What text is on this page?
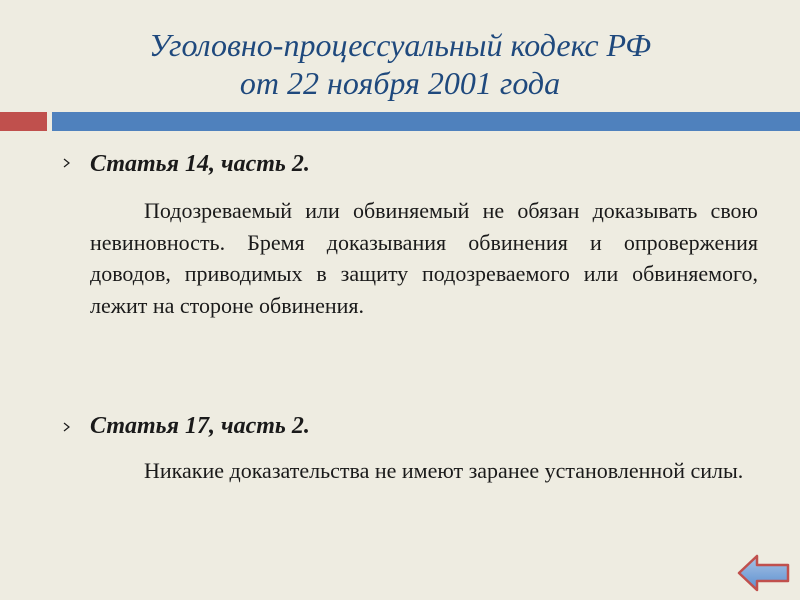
Уголовно-процессуальный кодекс РФ
от 22 ноября 2001 года
Статья 14, часть 2.
Подозреваемый или обвиняемый не обязан доказывать свою невиновность. Бремя доказывания обвинения и опровержения доводов, приводимых в защиту подозреваемого или обвиняемого, лежит на стороне обвинения.
Статья 17, часть 2.
Никакие доказательства не имеют заранее установленной силы.
